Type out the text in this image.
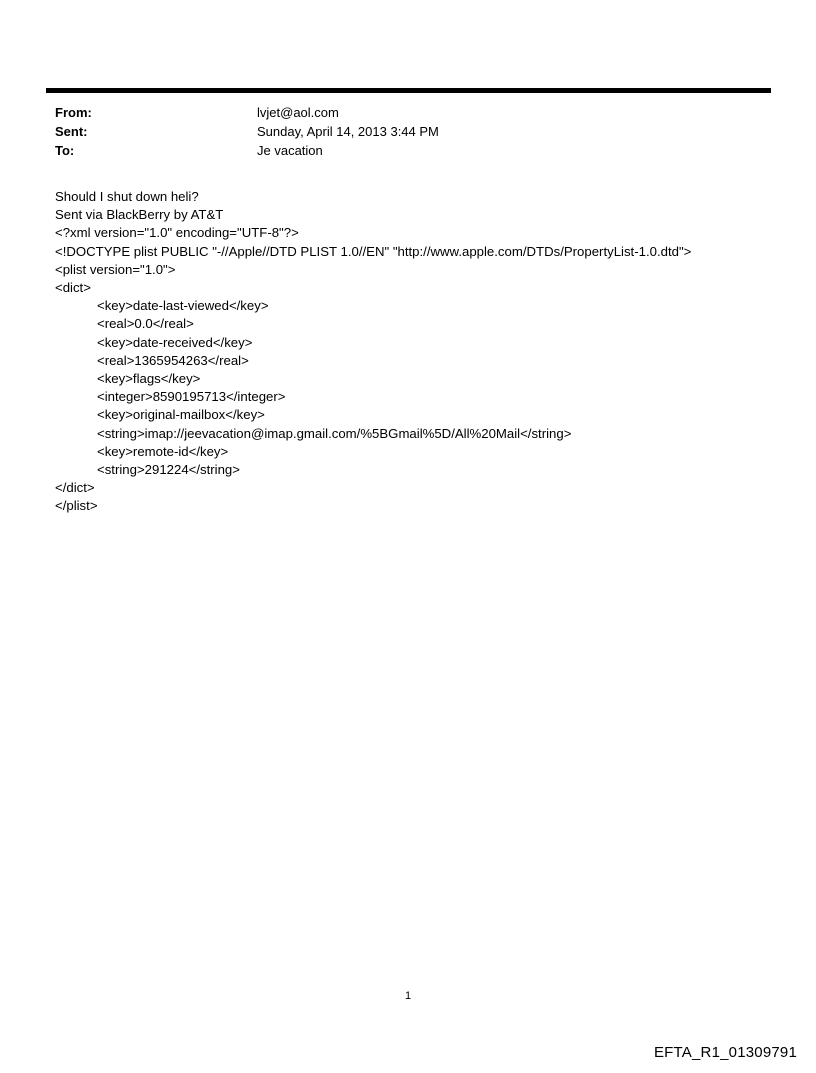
From:	lvjet@aol.com
Sent:	Sunday, April 14, 2013 3:44 PM
To:	Je vacation
Should I shut down heli?
Sent via BlackBerry by AT&T
<?xml version="1.0" encoding="UTF-8"?>
<!DOCTYPE plist PUBLIC "-//Apple//DTD PLIST 1.0//EN" "http://www.apple.com/DTDs/PropertyList-1.0.dtd">
<plist version="1.0">
<dict>
<key>date-last-viewed</key>
<real>0.0</real>
<key>date-received</key>
<real>1365954263</real>
<key>flags</key>
<integer>8590195713</integer>
<key>original-mailbox</key>
<string>imap://jeevacation@imap.gmail.com/%5BGmail%5D/All%20Mail</string>
<key>remote-id</key>
<string>291224</string>
</dict>
</plist>
1
EFTA_R1_01309791
